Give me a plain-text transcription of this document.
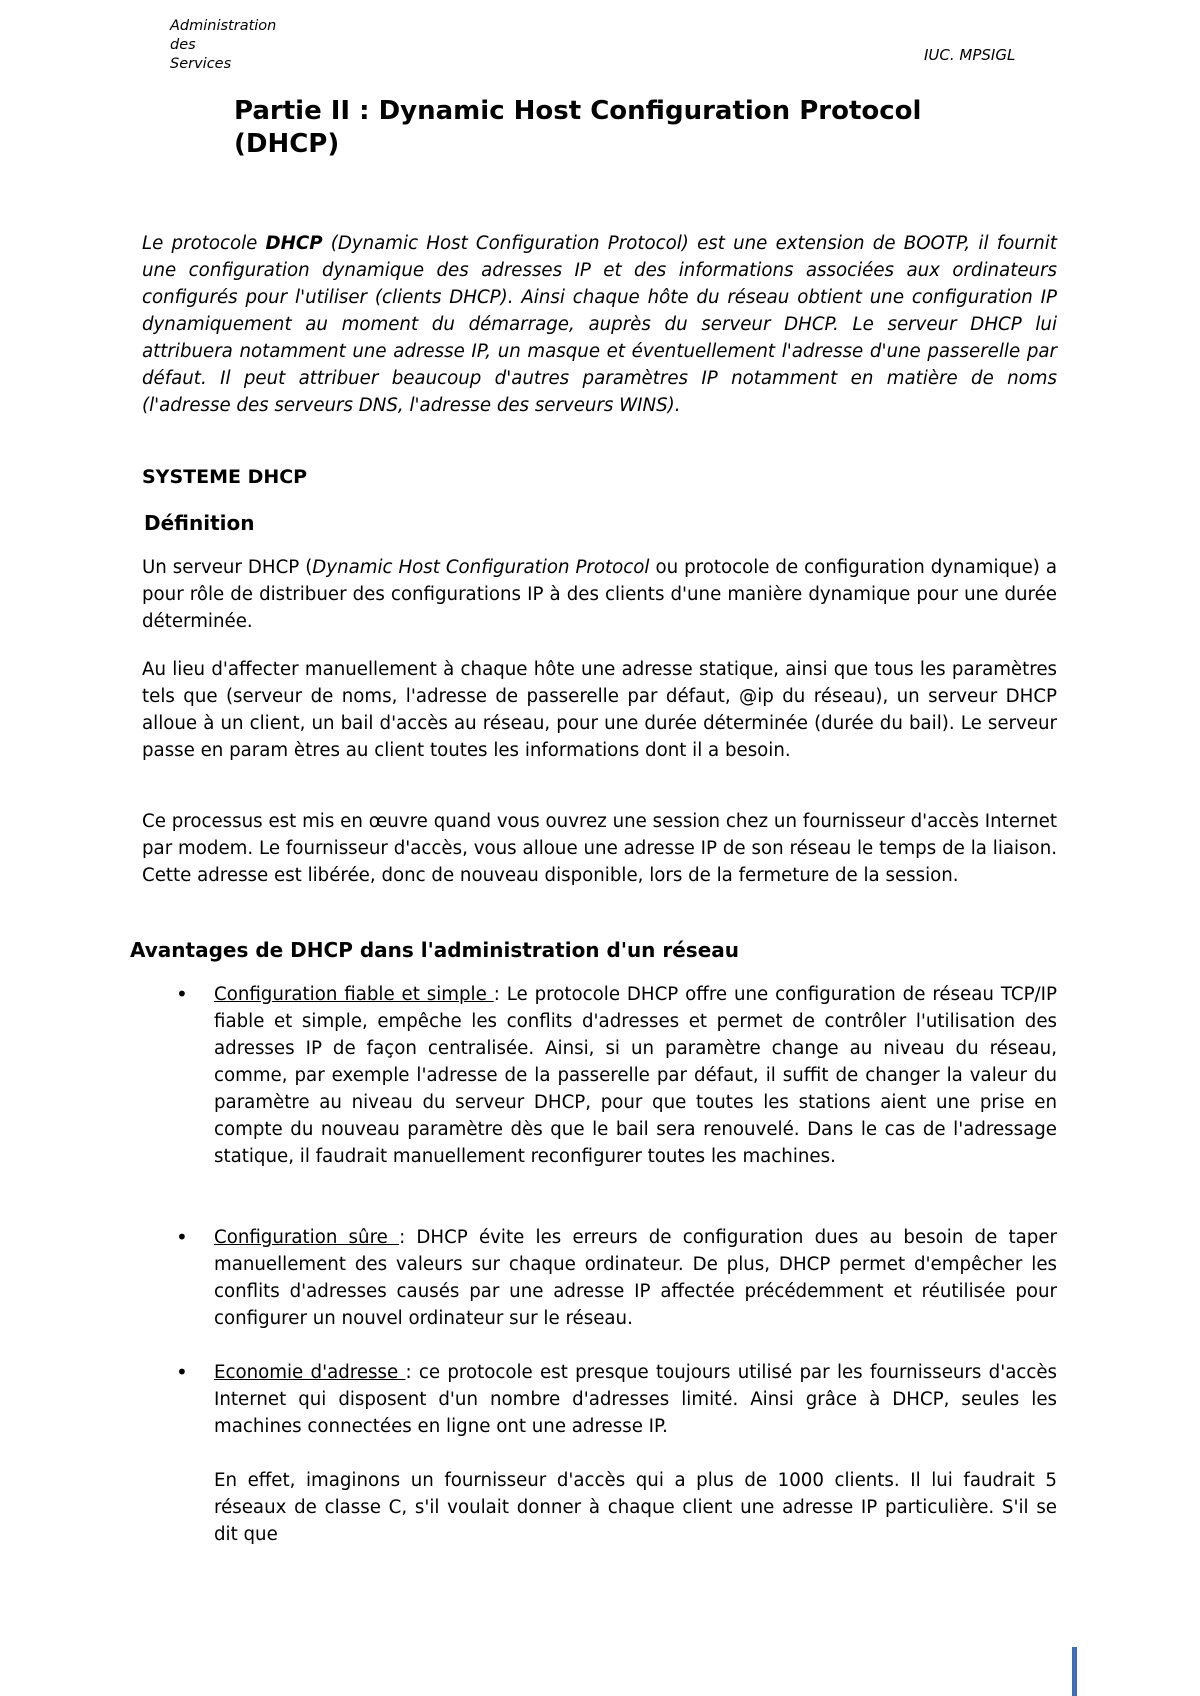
Administration
des
Services	IUC. MPSIGL
Partie II : Dynamic Host Configuration Protocol (DHCP)

Le protocole DHCP (Dynamic Host Configuration Protocol) est une extension de BOOTP, il fournit une configuration dynamique des adresses IP et des informations associées aux ordinateurs configurés pour l'utiliser (clients DHCP). Ainsi chaque hôte du réseau obtient une configuration IP dynamiquement au moment du démarrage, auprès du serveur DHCP. Le serveur DHCP lui attribuera notamment une adresse IP, un masque et éventuellement l'adresse d'une passerelle par défaut. Il peut attribuer beaucoup d'autres paramètres IP notamment en matière de noms (l'adresse des serveurs DNS, l'adresse des serveurs WINS).

SYSTEME DHCP
Définition

Un serveur DHCP (Dynamic Host Configuration Protocol ou protocole de configuration dynamique) a pour rôle de distribuer des configurations IP à des clients d'une manière dynamique pour une durée déterminée.

Au lieu d'affecter manuellement à chaque hôte une adresse statique, ainsi que tous les paramètres tels que (serveur de noms, l'adresse de passerelle par défaut, @ip du réseau), un serveur DHCP alloue à un client, un bail d'accès au réseau, pour une durée déterminée (durée du bail). Le serveur passe en param ètres au client toutes les informations dont il a besoin.

Ce processus est mis en œuvre quand vous ouvrez une session chez un fournisseur d'accès Internet par modem. Le fournisseur d'accès, vous alloue une adresse IP de son réseau le temps de la liaison. Cette adresse est libérée, donc de nouveau disponible, lors de la fermeture de la session.

Avantages de DHCP dans l'administration d'un réseau
• Configuration fiable et simple : Le protocole DHCP offre une configuration de réseau TCP/IP fiable et simple, empêche les conflits d'adresses et permet de contrôler l'utilisation des adresses IP de façon centralisée. Ainsi, si un paramètre change au niveau du réseau, comme, par exemple l'adresse de la passerelle par défaut, il suffit de changer la valeur du paramètre au niveau du serveur DHCP, pour que toutes les stations aient une prise en compte du nouveau paramètre dès que le bail sera renouvelé. Dans le cas de l'adressage statique, il faudrait manuellement reconfigurer toutes les machines.

• Configuration sûre : DHCP évite les erreurs de configuration dues au besoin de taper manuellement des valeurs sur chaque ordinateur. De plus, DHCP permet d'empêcher les conflits d'adresses causés par une adresse IP affectée précédemment et réutilisée pour configurer un nouvel ordinateur sur le réseau.

• Economie d'adresse : ce protocole est presque toujours utilisé par les fournisseurs d'accès Internet qui disposent d'un nombre d'adresses limité. Ainsi grâce à DHCP, seules les machines connectées en ligne ont une adresse IP.

En effet, imaginons un fournisseur d'accès qui a plus de 1000 clients. Il lui faudrait 5 réseaux de classe C, s'il voulait donner à chaque client une adresse IP particulière. S'il se dit que
